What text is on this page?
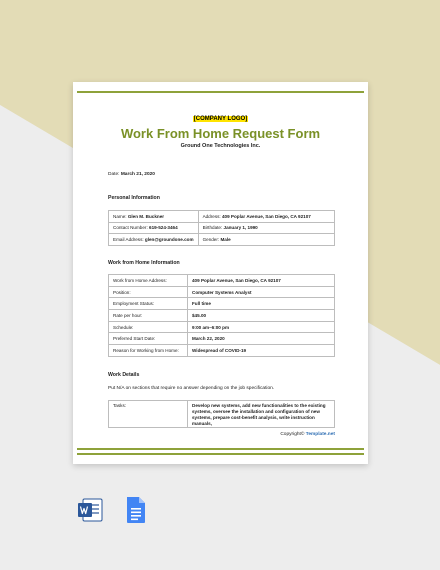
[COMPANY LOGO]
Work From Home Request Form
Ground One Technologies Inc.
Date: March 21, 2020
Personal Information
Name: Glen M. Buckner	Address: 409 Poplar Avenue, San Diego, CA 92107
Contact Number: 619-524-3464	Birthdate: January 1, 1990
Email Address: glen@groundone.com	Gender: Male
Work from Home Information
Work from Home Address:	409 Poplar Avenue, San Diego, CA 92107
Position:	Computer Systems Analyst
Employment Status:	Full time
Rate per hour:	$45.00
Schedule:	9:00 am–6:00 pm
Preferred Start Date:	March 22, 2020
Reason for Working from Home:	Widespread of COVID-19
Work Details
Put N/A on sections that require no answer depending on the job specification.
Tasks:	Develop new systems, add new functionalities to the existing systems, oversee the installation and configuration of new systems, prepare cost-benefit analysis, write instruction manuals,
Copyright© Template.net
